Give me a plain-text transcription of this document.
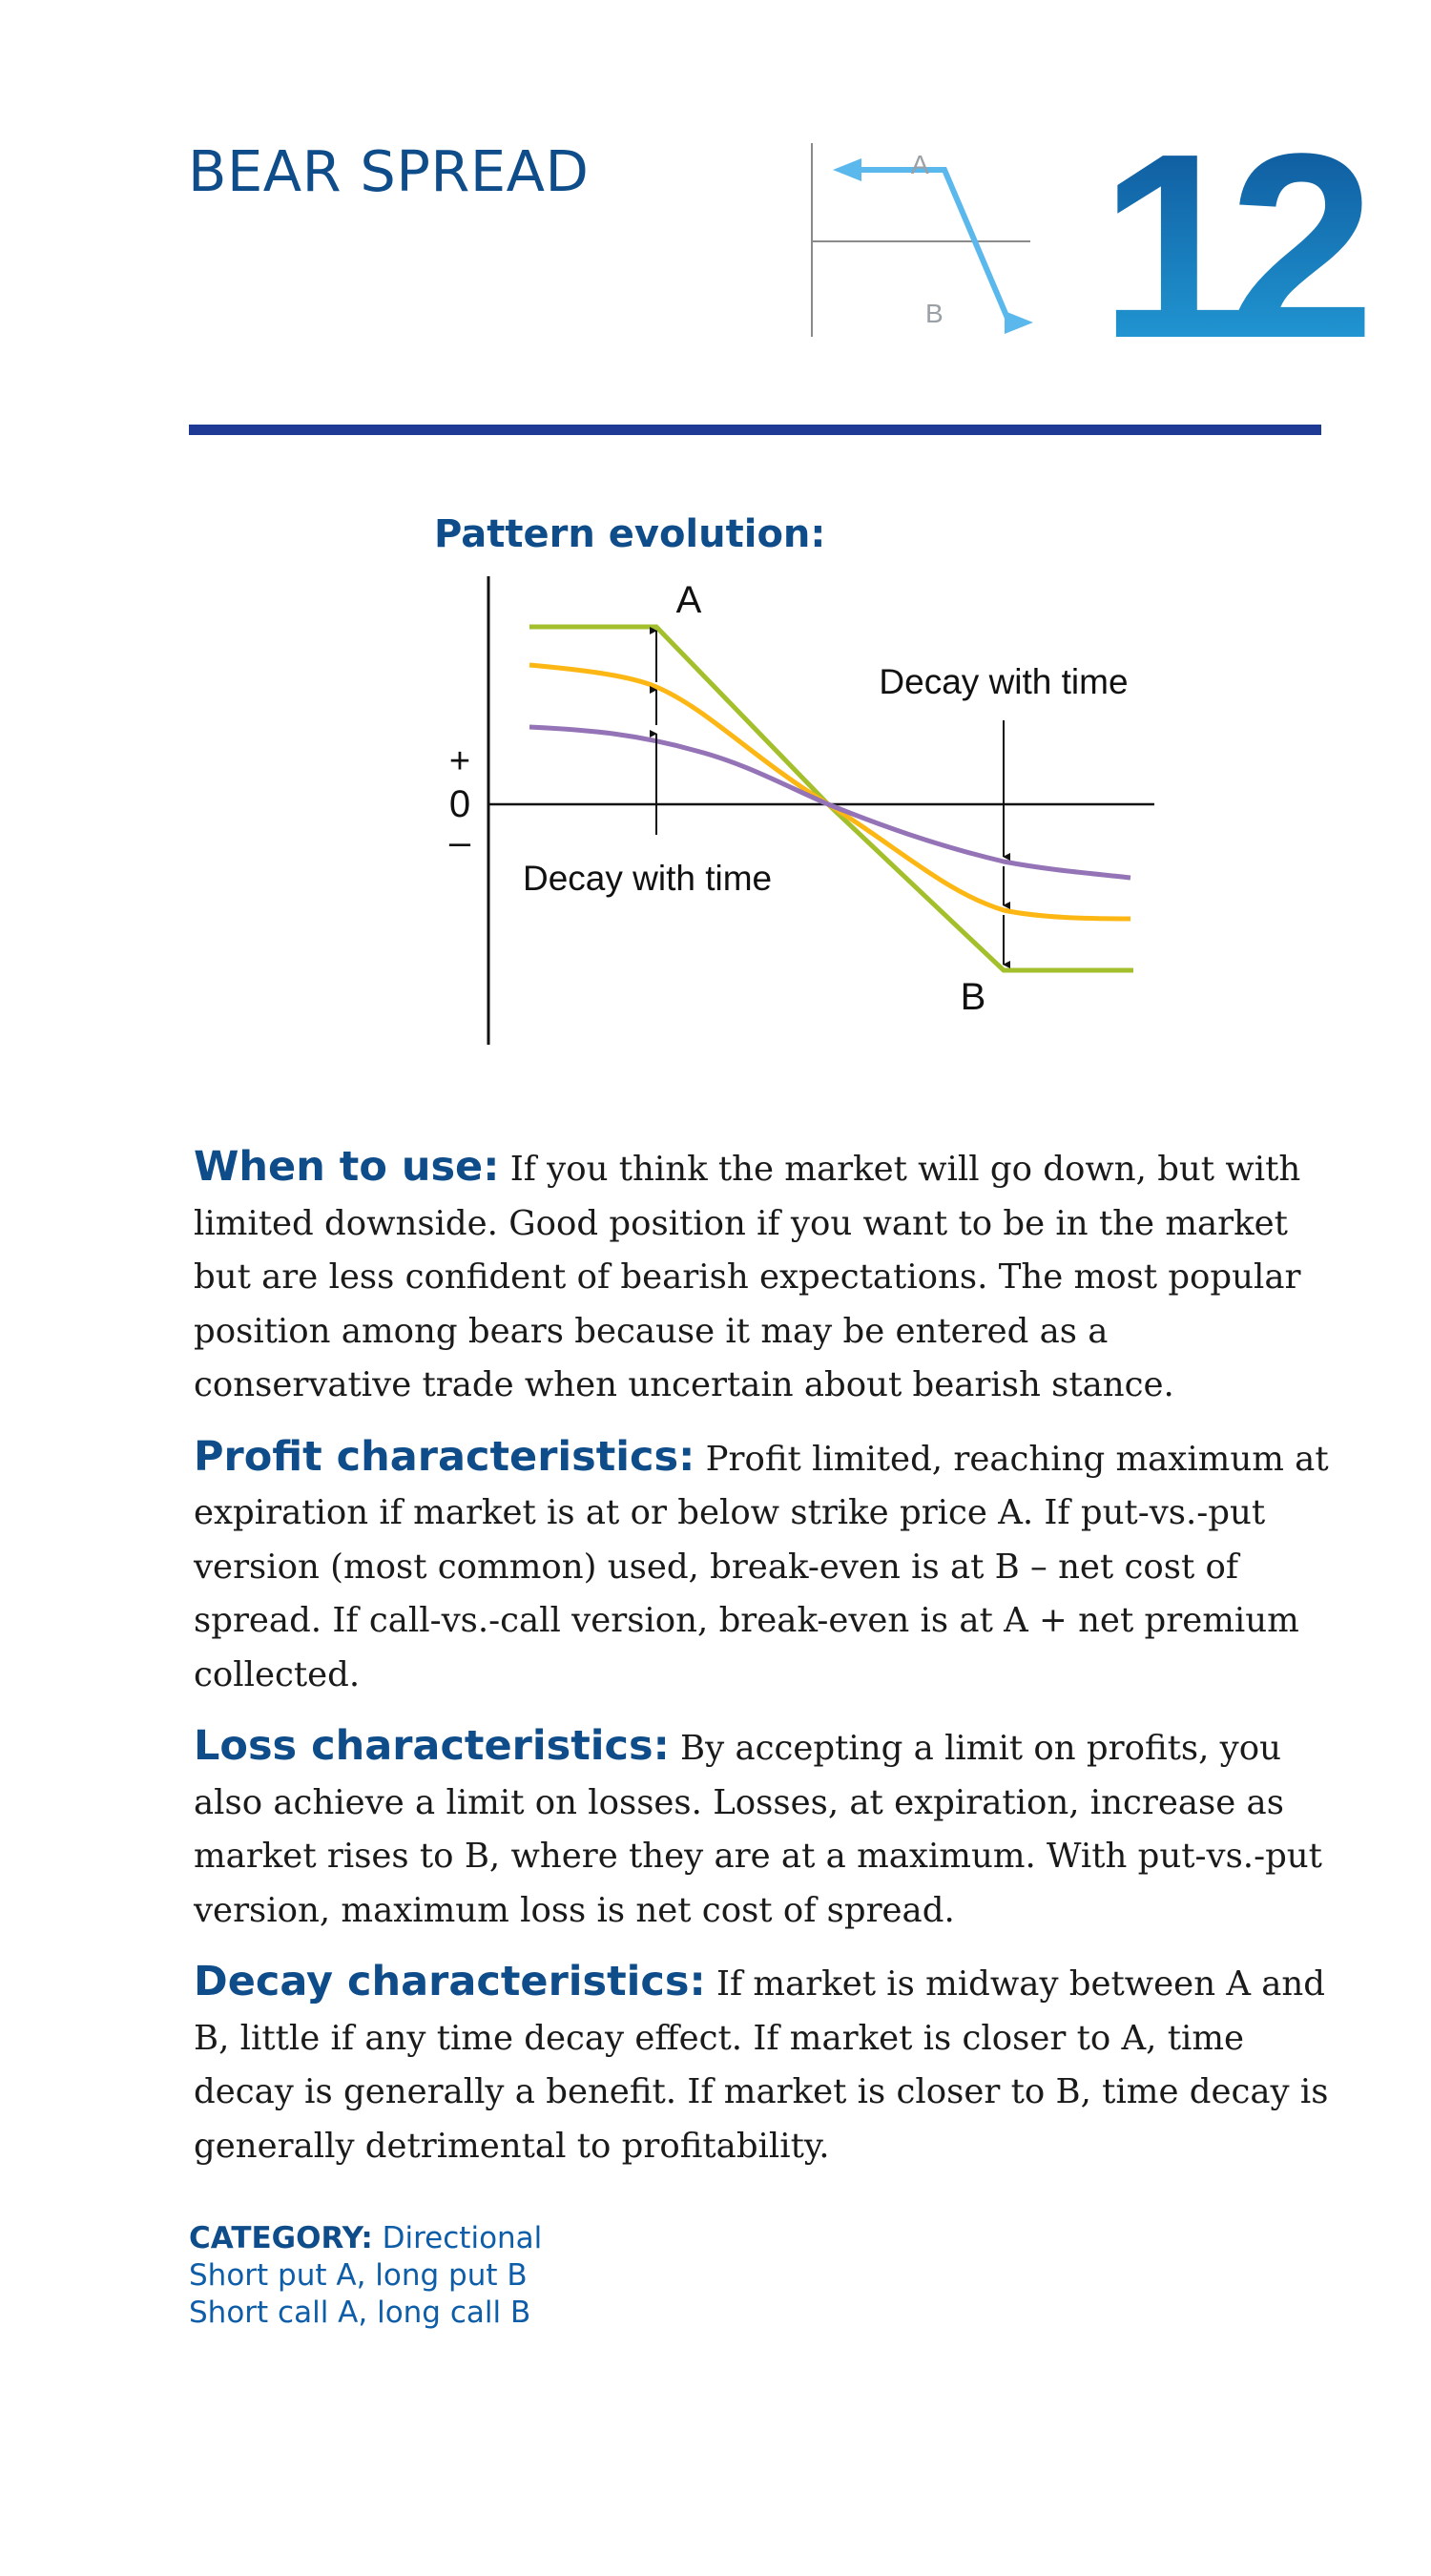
BEAR SPREAD	A
B 12
Pattern evolution:
+
0
–
A
B
Decay with time
Decay with time

When to use: If you think the market will go down, but with limited downside. Good position if you want to be in the market but are less confident of bearish expectations. The most popular position among bears because it may be entered as a conservative trade when uncertain about bearish stance.

Profit characteristics: Profit limited, reaching maximum at expiration if market is at or below strike price A. If put-vs.-put version (most common) used, break-even is at B – net cost of spread. If call-vs.-call version, break-even is at A + net premium collected.

Loss characteristics: By accepting a limit on profits, you also achieve a limit on losses. Losses, at expiration, increase as market rises to B, where they are at a maximum. With put-vs.-put version, maximum loss is net cost of spread.

Decay characteristics: If market is midway between A and B, little if any time decay effect. If market is closer to A, time decay is generally a benefit. If market is closer to B, time decay is generally detrimental to profitability.

CATEGORY: Directional
Short put A, long put B
Short call A, long call B
